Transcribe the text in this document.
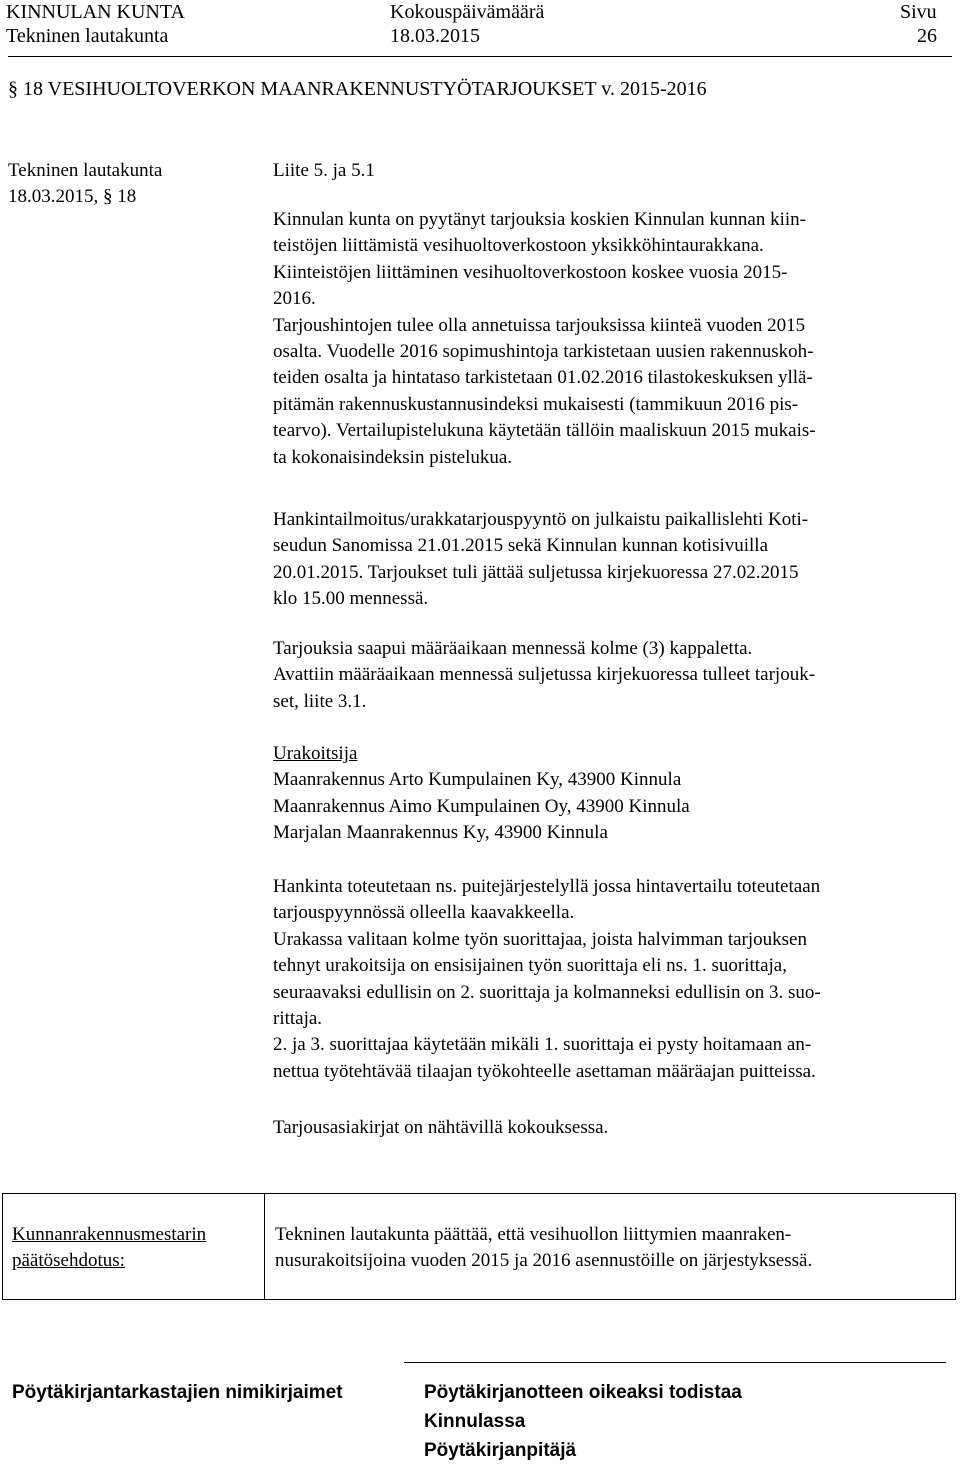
KINNULAN KUNTA	Kokouspäivämäärä	Sivu
Tekninen lautakunta	18.03.2015	26
§ 18 VESIHUOLTOVERKON MAANRAKENNUSTYÖTARJOUKSET v. 2015-2016
Tekninen lautakunta
18.03.2015, § 18
Liite 5. ja 5.1
Kinnulan kunta on pyytänyt tarjouksia koskien Kinnulan kunnan kiin-
teistöjen liittämistä vesihuoltoverkostoon yksikköhintaurakkana.
Kiinteistöjen liittäminen vesihuoltoverkostoon koskee vuosia 2015-
2016.
Tarjoushintojen tulee olla annetuissa tarjouksissa kiinteä vuoden 2015
osalta. Vuodelle 2016 sopimushintoja tarkistetaan uusien rakennuskoh-
teiden osalta ja hintataso tarkistetaan 01.02.2016 tilastokeskuksen yllä-
pitämän rakennuskustannusindeksi mukaisesti (tammikuun 2016 pis-
tearvo). Vertailupistelukuna käytetään tällöin maaliskuun 2015 mukais-
ta kokonaisindeksin pistelukua.
Hankintailmoitus/urakkatarjouspyyntö on julkaistu paikallislehti Koti-
seudun Sanomissa 21.01.2015 sekä Kinnulan kunnan kotisivuilla
20.01.2015. Tarjoukset tuli jättää suljetussa kirjekuoressa 27.02.2015
klo 15.00 mennessä.
Tarjouksia saapui määräaikaan mennessä kolme (3) kappaletta.
Avattiin määräaikaan mennessä suljetussa kirjekuoressa tulleet tarjouk-
set, liite 3.1.
Urakoitsija
Maanrakennus Arto Kumpulainen Ky, 43900 Kinnula
Maanrakennus Aimo Kumpulainen Oy, 43900 Kinnula
Marjalan Maanrakennus Ky, 43900 Kinnula
Hankinta toteutetaan ns. puitejärjestelyllä jossa hintavertailu toteutetaan
tarjouspyynnössä olleella kaavakkeella.
Urakassa valitaan kolme työn suorittajaa, joista halvimman tarjouksen
tehnyt urakoitsija on ensisijainen työn suorittaja eli ns. 1. suorittaja,
seuraavaksi edullisin on 2. suorittaja ja kolmanneksi edullisin on 3. suo-
rittaja.
2. ja 3. suorittajaa käytetään mikäli 1. suorittaja ei pysty hoitamaan an-
nettua työtehtävää tilaajan työkohteelle asettaman määräajan puitteissa.
Tarjousasiakirjat on nähtävillä kokouksessa.
Kunnanrakennusmestarin
päätösehdotus:
Tekninen lautakunta päättää, että vesihuollon liittymien maanraken-
nusurakoitsijoina vuoden 2015 ja 2016 asennustöille on järjestyksessä.
Pöytäkirjantarkastajien nimikirjaimet	Pöytäkirjanotteen oikeaksi todistaa
Kinnulassa
Pöytäkirjanpitäjä
